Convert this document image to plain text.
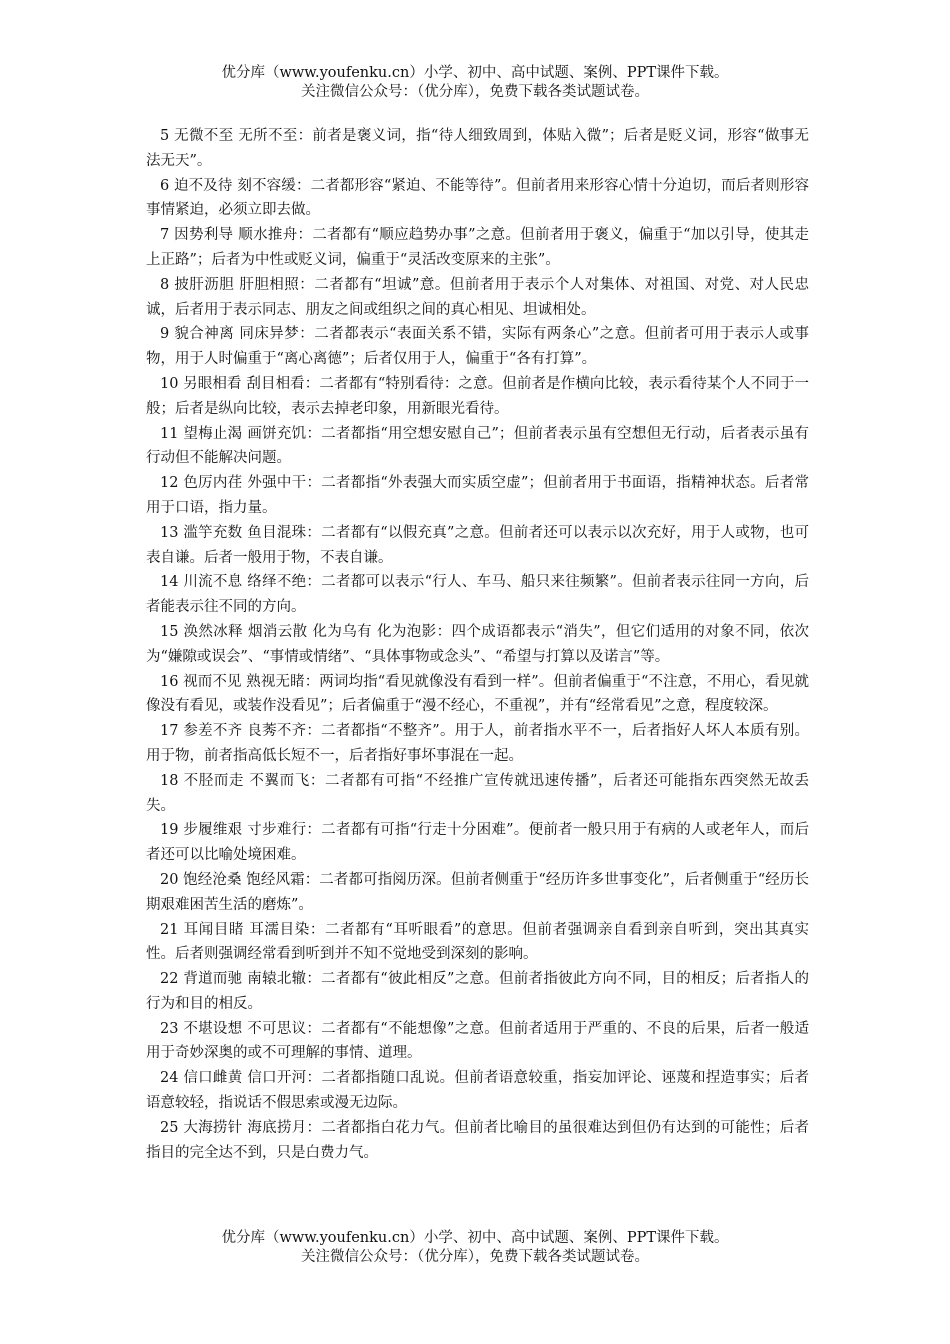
优分库（www.youfenku.cn）小学、初中、高中试题、案例、PPT课件下载。
关注微信公众号：（优分库），免费下载各类试题试卷。

5 无微不至 无所不至：前者是褒义词，指“待人细致周到，体贴入微”；后者是贬义词，形容“做事无法无天”。

6 迫不及待 刻不容缓：二者都形容“紧迫、不能等待”。但前者用来形容心情十分迫切，而后者则形容事情紧迫，必须立即去做。

7 因势利导 顺水推舟：二者都有“顺应趋势办事”之意。但前者用于褒义，偏重于“加以引导，使其走上正路”；后者为中性或贬义词，偏重于“灵活改变原来的主张”。

8 披肝沥胆 肝胆相照：二者都有“坦诚”意。但前者用于表示个人对集体、对祖国、对党、对人民忠诚，后者用于表示同志、朋友之间或组织之间的真心相见、坦诚相处。

9 貌合神离 同床异梦：二者都表示“表面关系不错，实际有两条心”之意。但前者可用于表示人或事物，用于人时偏重于“离心离德”；后者仅用于人，偏重于“各有打算”。

10 另眼相看 刮目相看：二者都有“特别看待：之意。但前者是作横向比较，表示看待某个人不同于一般；后者是纵向比较，表示去掉老印象，用新眼光看待。

11 望梅止渴 画饼充饥：二者都指“用空想安慰自己”；但前者表示虽有空想但无行动，后者表示虽有行动但不能解决问题。

12 色厉内荏 外强中干：二者都指“外表强大而实质空虚”；但前者用于书面语，指精神状态。后者常用于口语，指力量。

13 滥竽充数 鱼目混珠：二者都有“以假充真”之意。但前者还可以表示以次充好，用于人或物，也可表自谦。后者一般用于物，不表自谦。

14 川流不息 络绎不绝：二者都可以表示“行人、车马、船只来往频繁”。但前者表示往同一方向，后者能表示往不同的方向。

15 涣然冰释 烟消云散 化为乌有 化为泡影：四个成语都表示“消失”，但它们适用的对象不同，依次为“嫌隙或误会”、“事情或情绪”、“具体事物或念头”、“希望与打算以及诺言”等。

16 视而不见 熟视无睹：两词均指“看见就像没有看到一样”。但前者偏重于“不注意，不用心，看见就像没有看见，或装作没看见”；后者偏重于“漫不经心，不重视”，并有“经常看见”之意，程度较深。

17 参差不齐 良莠不齐：二者都指“不整齐”。用于人，前者指水平不一，后者指好人坏人本质有别。用于物，前者指高低长短不一，后者指好事坏事混在一起。

18 不胫而走 不翼而飞：二者都有可指“不经推广宣传就迅速传播”，后者还可能指东西突然无故丢失。

19 步履维艰 寸步难行：二者都有可指“行走十分困难”。便前者一般只用于有病的人或老年人，而后者还可以比喻处境困难。

20 饱经沧桑 饱经风霜：二者都可指阅历深。但前者侧重于“经历许多世事变化”，后者侧重于“经历长期艰难困苦生活的磨炼”。

21 耳闻目睹 耳濡目染：二者都有“耳听眼看”的意思。但前者强调亲自看到亲自听到，突出其真实性。后者则强调经常看到听到并不知不觉地受到深刻的影响。

22 背道而驰 南辕北辙：二者都有“彼此相反”之意。但前者指彼此方向不同，目的相反；后者指人的行为和目的相反。

23 不堪设想 不可思议：二者都有“不能想像”之意。但前者适用于严重的、不良的后果，后者一般适用于奇妙深奥的或不可理解的事情、道理。

24 信口雌黄 信口开河：二者都指随口乱说。但前者语意较重，指妄加评论、诬蔑和捏造事实；后者语意较轻，指说话不假思索或漫无边际。

25 大海捞针 海底捞月：二者都指白花力气。但前者比喻目的虽很难达到但仍有达到的可能性；后者指目的完全达不到，只是白费力气。

优分库（www.youfenku.cn）小学、初中、高中试题、案例、PPT课件下载。
关注微信公众号：（优分库），免费下载各类试题试卷。
